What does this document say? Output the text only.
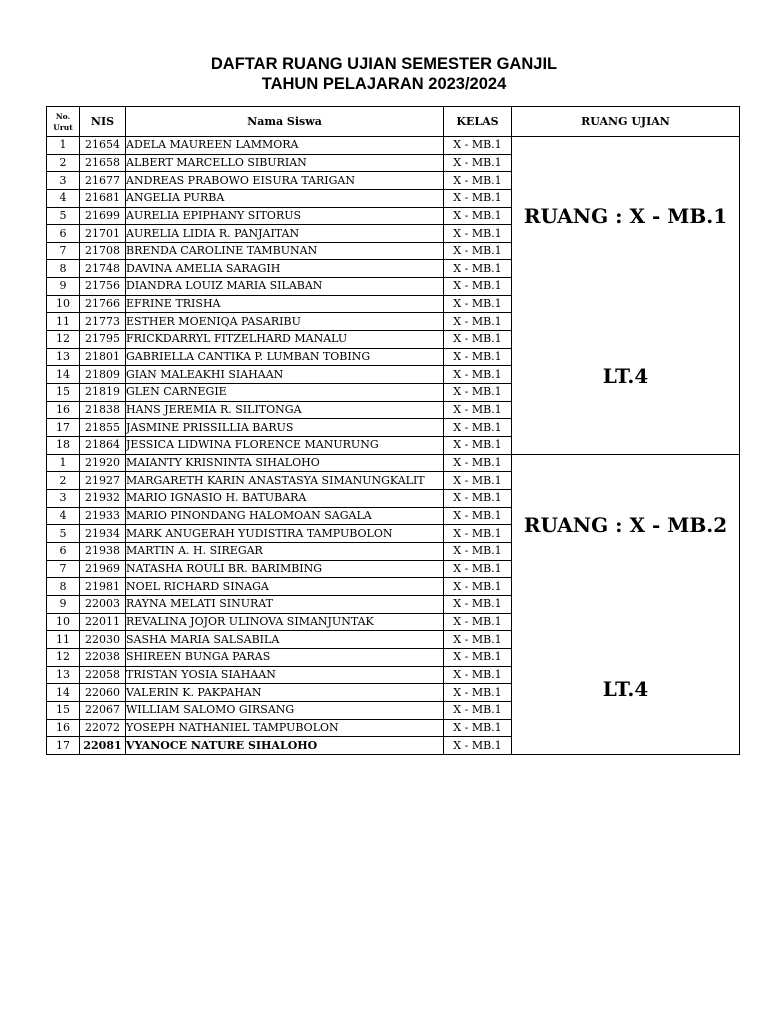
DAFTAR RUANG UJIAN SEMESTER GANJIL
TAHUN PELAJARAN 2023/2024
No.
Urut	NIS	Nama Siswa	KELAS	RUANG UJIAN
1	21654	ADELA MAUREEN LAMMORA	X - MB.1	RUANG : X - MB.1
LT.4

2	21658	ALBERT MARCELLO SIBURIAN	X - MB.1	
3	21677	ANDREAS PRABOWO EISURA TARIGAN	X - MB.1	
4	21681	ANGELIA PURBA	X - MB.1	
5	21699	AURELIA EPIPHANY SITORUS	X - MB.1	
6	21701	AURELIA LIDIA R. PANJAITAN	X - MB.1	
7	21708	BRENDA CAROLINE TAMBUNAN	X - MB.1	
8	21748	DAVINA AMELIA SARAGIH	X - MB.1	
9	21756	DIANDRA LOUIZ MARIA SILABAN	X - MB.1	
10	21766	EFRINE TRISHA	X - MB.1	
11	21773	ESTHER MOENIQA PASARIBU	X - MB.1	
12	21795	FRICKDARRYL FITZELHARD MANALU	X - MB.1	
13	21801	GABRIELLA CANTIKA P. LUMBAN TOBING	X - MB.1	
14	21809	GIAN MALEAKHI SIAHAAN	X - MB.1	
15	21819	GLEN CARNEGIE	X - MB.1	
16	21838	HANS JEREMIA R. SILITONGA	X - MB.1	
17	21855	JASMINE PRISSILLIA BARUS	X - MB.1	
18	21864	JESSICA LIDWINA FLORENCE MANURUNG	X - MB.1	
1	21920	MAIANTY KRISNINTA SIHALOHO	X - MB.1	RUANG : X - MB.2
LT.4

2	21927	MARGARETH KARIN ANASTASYA SIMANUNGKALIT	X - MB.1	
3	21932	MARIO IGNASIO H. BATUBARA	X - MB.1	
4	21933	MARIO PINONDANG HALOMOAN SAGALA	X - MB.1	
5	21934	MARK ANUGERAH YUDISTIRA TAMPUBOLON	X - MB.1	
6	21938	MARTIN A. H. SIREGAR	X - MB.1	
7	21969	NATASHA ROULI BR. BARIMBING	X - MB.1	
8	21981	NOEL RICHARD SINAGA	X - MB.1	
9	22003	RAYNA MELATI SINURAT	X - MB.1	
10	22011	REVALINA JOJOR ULINOVA SIMANJUNTAK	X - MB.1	
11	22030	SASHA MARIA SALSABILA	X - MB.1	
12	22038	SHIREEN BUNGA PARAS	X - MB.1	
13	22058	TRISTAN YOSIA SIAHAAN	X - MB.1	
14	22060	VALERIN K. PAKPAHAN	X - MB.1	
15	22067	WILLIAM SALOMO GIRSANG	X - MB.1	
16	22072	YOSEPH NATHANIEL TAMPUBOLON	X - MB.1	
17	22081	VYANOCE NATURE SIHALOHO	X - MB.1	
